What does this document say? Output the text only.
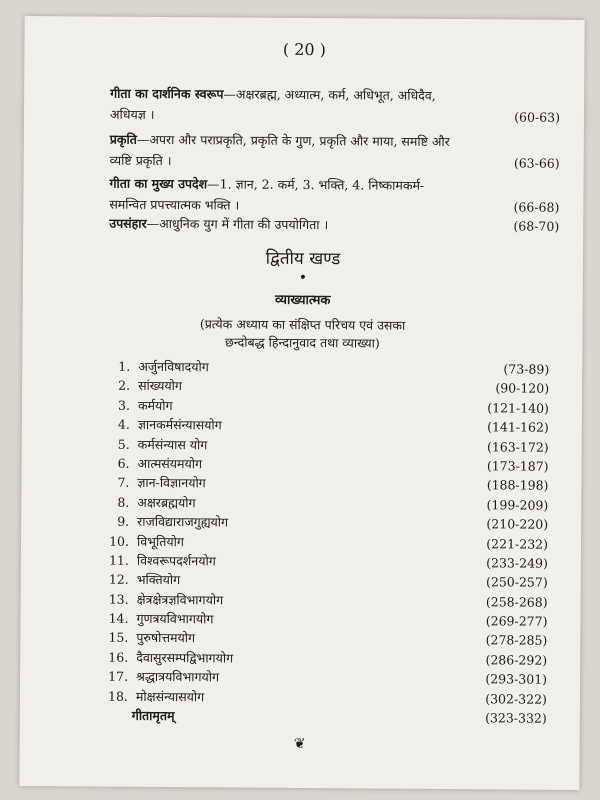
( 20 )
गीता का दार्शनिक स्वरूप—अक्षरब्रह्म, अध्यात्म, कर्म, अधिभूत, अधिदैव,
अधियज्ञ ।	(60-63)
प्रकृति—अपरा और पराप्रकृति, प्रकृति के गुण, प्रकृति और माया, समष्टि और
व्यष्टि प्रकृति ।	(63-66)
गीता का मुख्य उपदेश—1. ज्ञान, 2. कर्म, 3. भक्ति, 4. निष्कामकर्म-
समन्वित प्रपत्त्यात्मक भक्ति ।	(66-68)
उपसंहार—आधुनिक युग में गीता की उपयोगिता ।	(68-70)
द्वितीय खण्ड
•
व्याख्यात्मक
(प्रत्येक अध्याय का संक्षिप्त परिचय एवं उसका
छन्दोबद्ध हिन्दानुवाद तथा व्याख्या)
1. अर्जुनविषादयोग	(73-89)
2. सांख्ययोग	(90-120)
3. कर्मयोग	(121-140)
4. ज्ञानकर्मसंन्यासयोग	(141-162)
5. कर्मसंन्यास योग	(163-172)
6. आत्मसंयमयोग	(173-187)
7. ज्ञान-विज्ञानयोग	(188-198)
8. अक्षरब्रह्मयोग	(199-209)
9. राजविद्याराजगुह्ययोग	(210-220)
10. विभूतियोग	(221-232)
11. विश्वरूपदर्शनयोग	(233-249)
12. भक्तियोग	(250-257)
13. क्षेत्रक्षेत्रज्ञविभागयोग	(258-268)
14. गुणत्रयविभागयोग	(269-277)
15. पुरुषोत्तमयोग	(278-285)
16. दैवासुरसम्पद्विभागयोग	(286-292)
17. श्रद्धात्रयविभागयोग	(293-301)
18. मोक्षसंन्यासयोग	(302-322)
गीतामृतम्	(323-332)
❦
